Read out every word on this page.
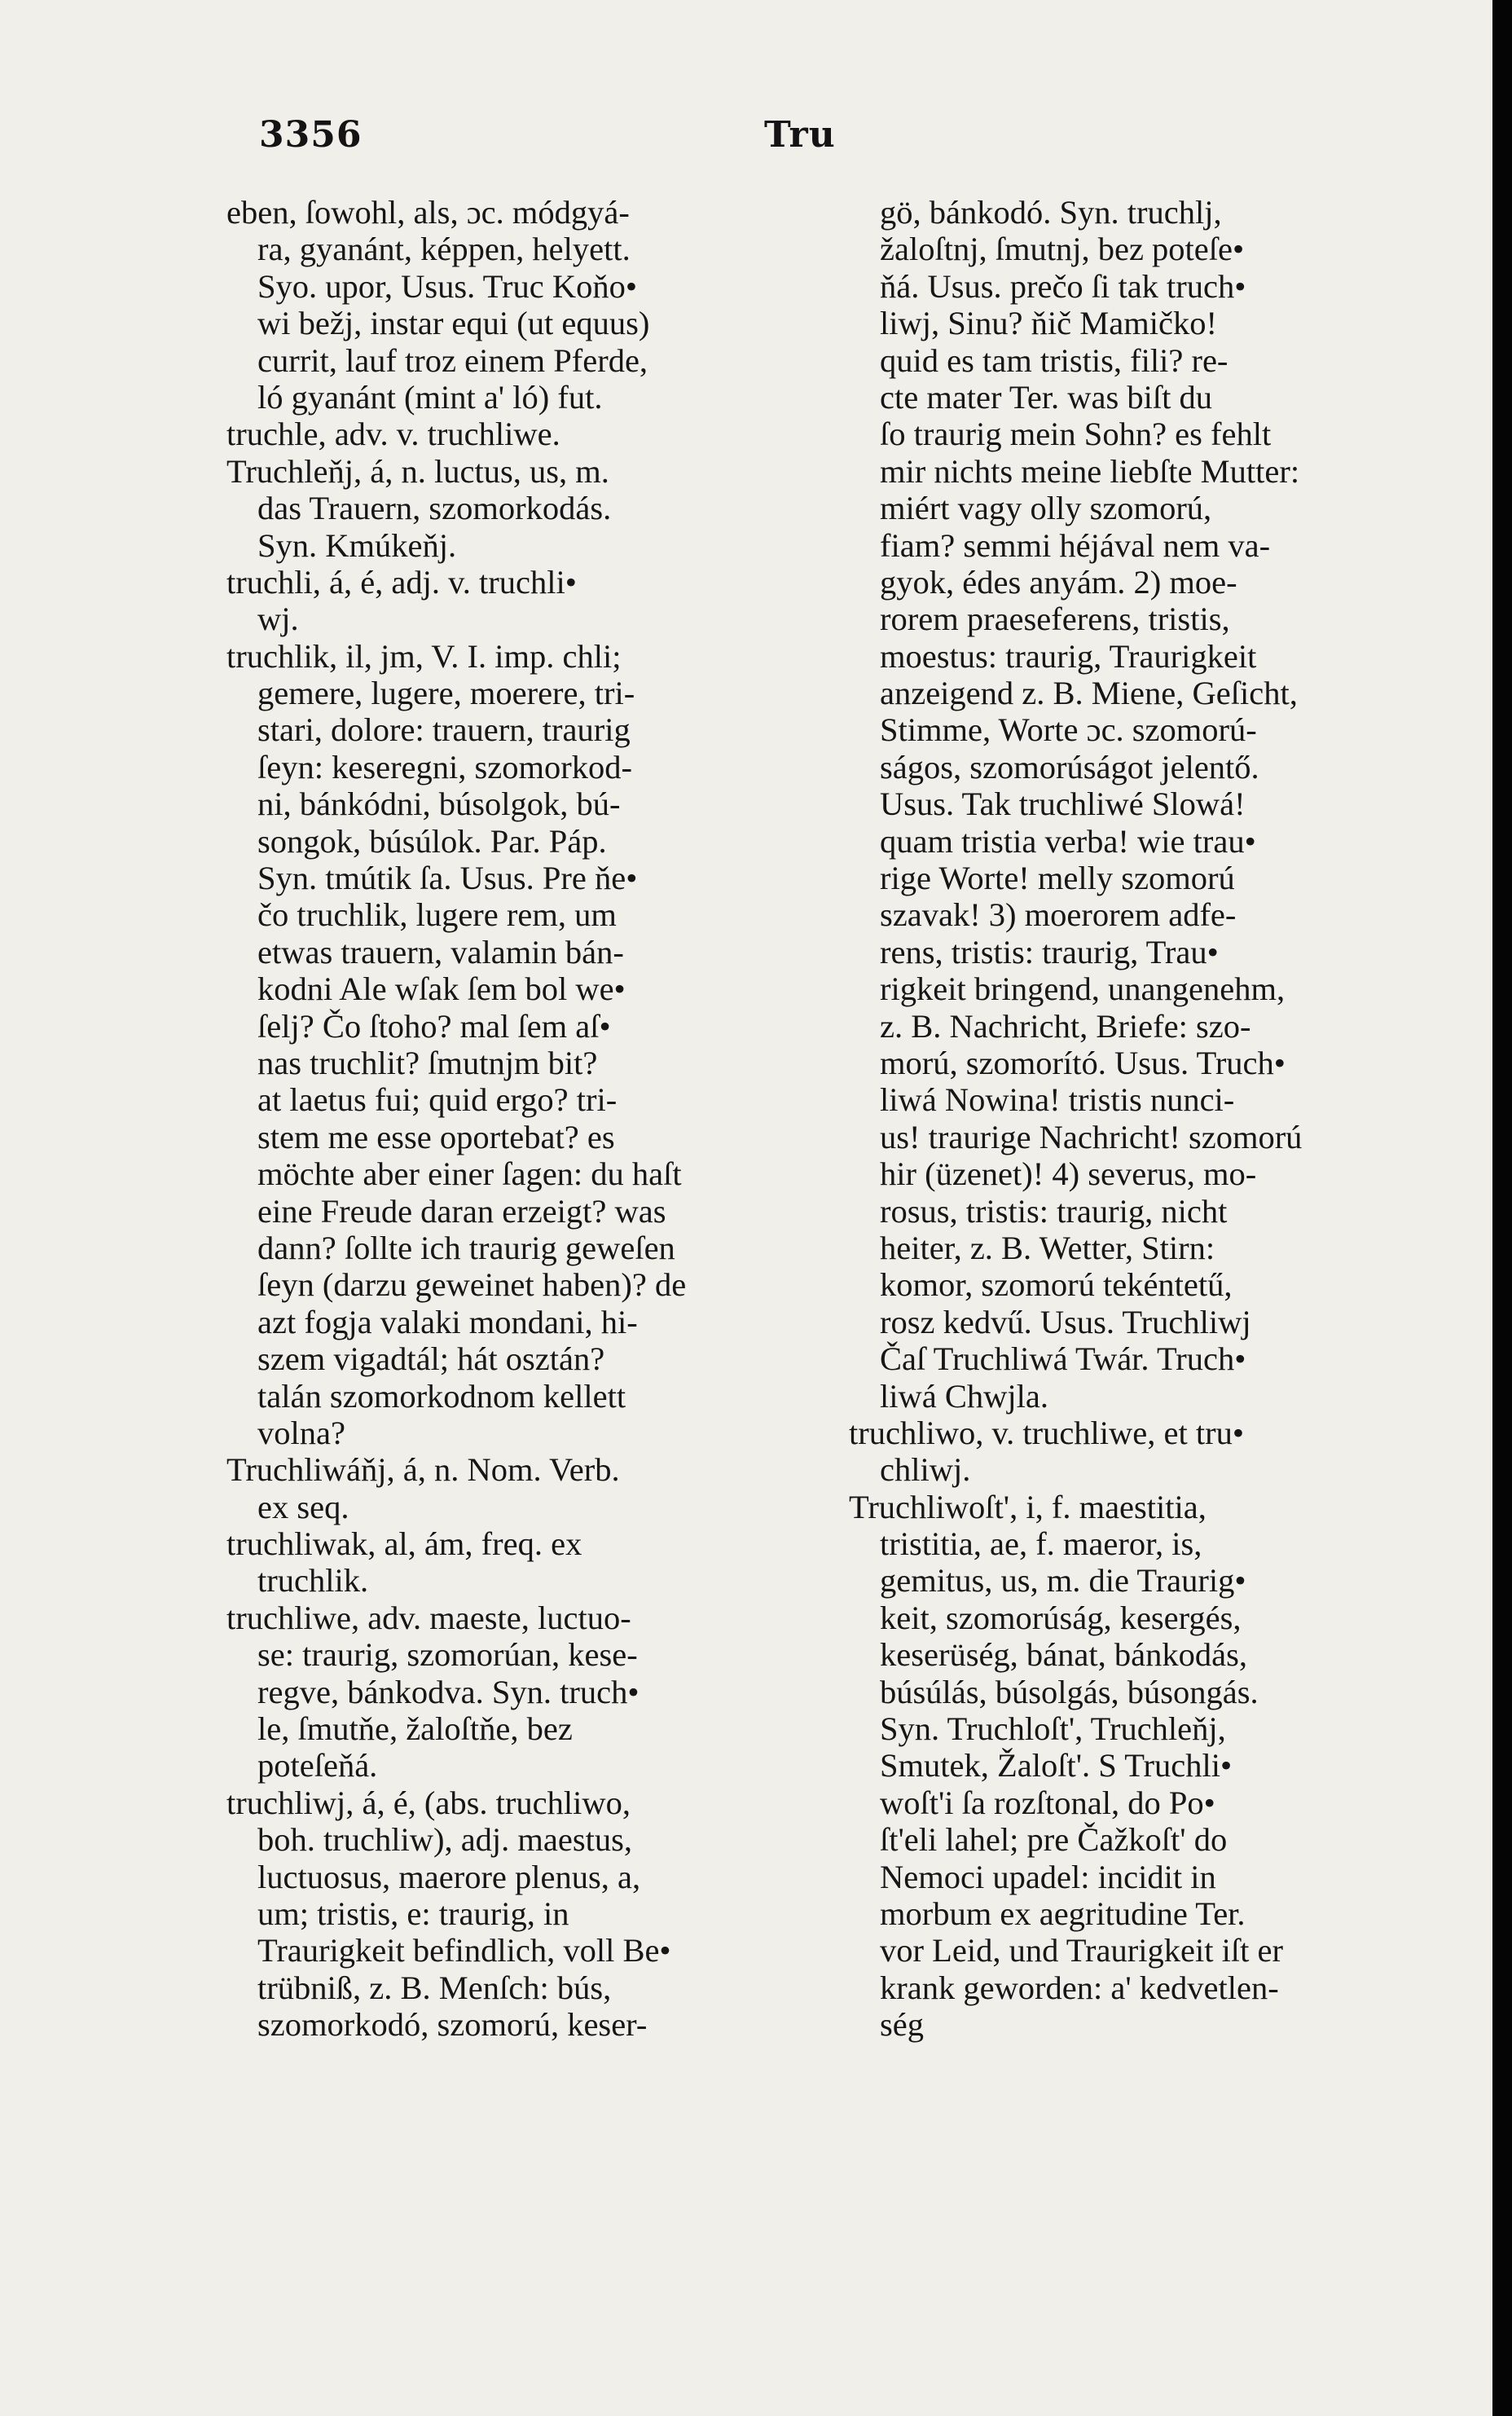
3356	Tru
eben, ſowohl, als, ɔc. módgyá-
ra, gyanánt, képpen, helyett.
Syo. upor, Usus. Truc Koňo•
wi bežj, instar equi (ut equus)
currit, lauf troz einem Pferde,
ló gyanánt (mint a' ló) fut.
truchle, adv. v. truchliwe.
Truchleňj, á, n. luctus, us, m.
das Trauern, szomorkodás.
Syn. Kmúkeňj.
truchli, á, é, adj. v. truchli•
wj.
truchlik, il, jm, V. I. imp. chli;
gemere, lugere, moerere, tri-
stari, dolore: trauern, traurig
ſeyn: keseregni, szomorkod-
ni, bánkódni, búsolgok, bú-
songok, búsúlok. Par. Páp.
Syn. tmútik ſa. Usus. Pre ňe•
čo truchlik, lugere rem, um
etwas trauern, valamin bán-
kodni Ale wſak ſem bol we•
ſelj? Čo ſtoho? mal ſem aſ•
nas truchlit? ſmutnjm bit?
at laetus fui; quid ergo? tri-
stem me esse oportebat? es
möchte aber einer ſagen: du haſt
eine Freude daran erzeigt? was
dann? ſollte ich traurig geweſen
ſeyn (darzu geweinet haben)? de
azt fogja valaki mondani, hi-
szem vigadtál; hát osztán?
talán szomorkodnom kellett
volna?
Truchliwáňj, á, n. Nom. Verb.
ex seq.
truchliwak, al, ám, freq. ex
truchlik.
truchliwe, adv. maeste, luctuo-
se: traurig, szomorúan, kese-
regve, bánkodva. Syn. truch•
le, ſmutňe, žaloſtňe, bez
poteſeňá.
truchliwj, á, é, (abs. truchliwo,
boh. truchliw), adj. maestus,
luctuosus, maerore plenus, a,
um; tristis, e: traurig, in
Traurigkeit befindlich, voll Be•
trübniß, z. B. Menſch: bús,
szomorkodó, szomorú, keser-
gö, bánkodó. Syn. truchlj,
žaloſtnj, ſmutnj, bez poteſe•
ňá. Usus. prečo ſi tak truch•
liwj, Sinu? ňič Mamičko!
quid es tam tristis, fili? re-
cte mater Ter. was biſt du
ſo traurig mein Sohn? es fehlt
mir nichts meine liebſte Mutter:
miért vagy olly szomorú,
fiam? semmi héjával nem va-
gyok, édes anyám. 2) moe-
rorem praeseferens, tristis,
moestus: traurig, Traurigkeit
anzeigend z. B. Miene, Geſicht,
Stimme, Worte ɔc. szomorú-
ságos, szomorúságot jelentő.
Usus. Tak truchliwé Slowá!
quam tristia verba! wie trau•
rige Worte! melly szomorú
szavak! 3) moerorem adfe-
rens, tristis: traurig, Trau•
rigkeit bringend, unangenehm,
z. B. Nachricht, Briefe: szo-
morú, szomorító. Usus. Truch•
liwá Nowina! tristis nunci-
us! traurige Nachricht! szomorú
hir (üzenet)! 4) severus, mo-
rosus, tristis: traurig, nicht
heiter, z. B. Wetter, Stirn:
komor, szomorú tekéntetű,
rosz kedvű. Usus. Truchliwj
Čaſ Truchliwá Twár. Truch•
liwá Chwjla.
truchliwo, v. truchliwe, et tru•
chliwj.
Truchliwoſt', i, f. maestitia,
tristitia, ae, f. maeror, is,
gemitus, us, m. die Traurig•
keit, szomorúság, kesergés,
keserüség, bánat, bánkodás,
búsúlás, búsolgás, búsongás.
Syn. Truchloſt', Truchleňj,
Smutek, Žaloſt'. S Truchli•
woſt'i ſa rozſtonal, do Po•
ſt'eli lahel; pre Čažkoſt' do
Nemoci upadel: incidit in
morbum ex aegritudine Ter.
vor Leid, und Traurigkeit iſt er
krank geworden: a' kedvetlen-
ség
